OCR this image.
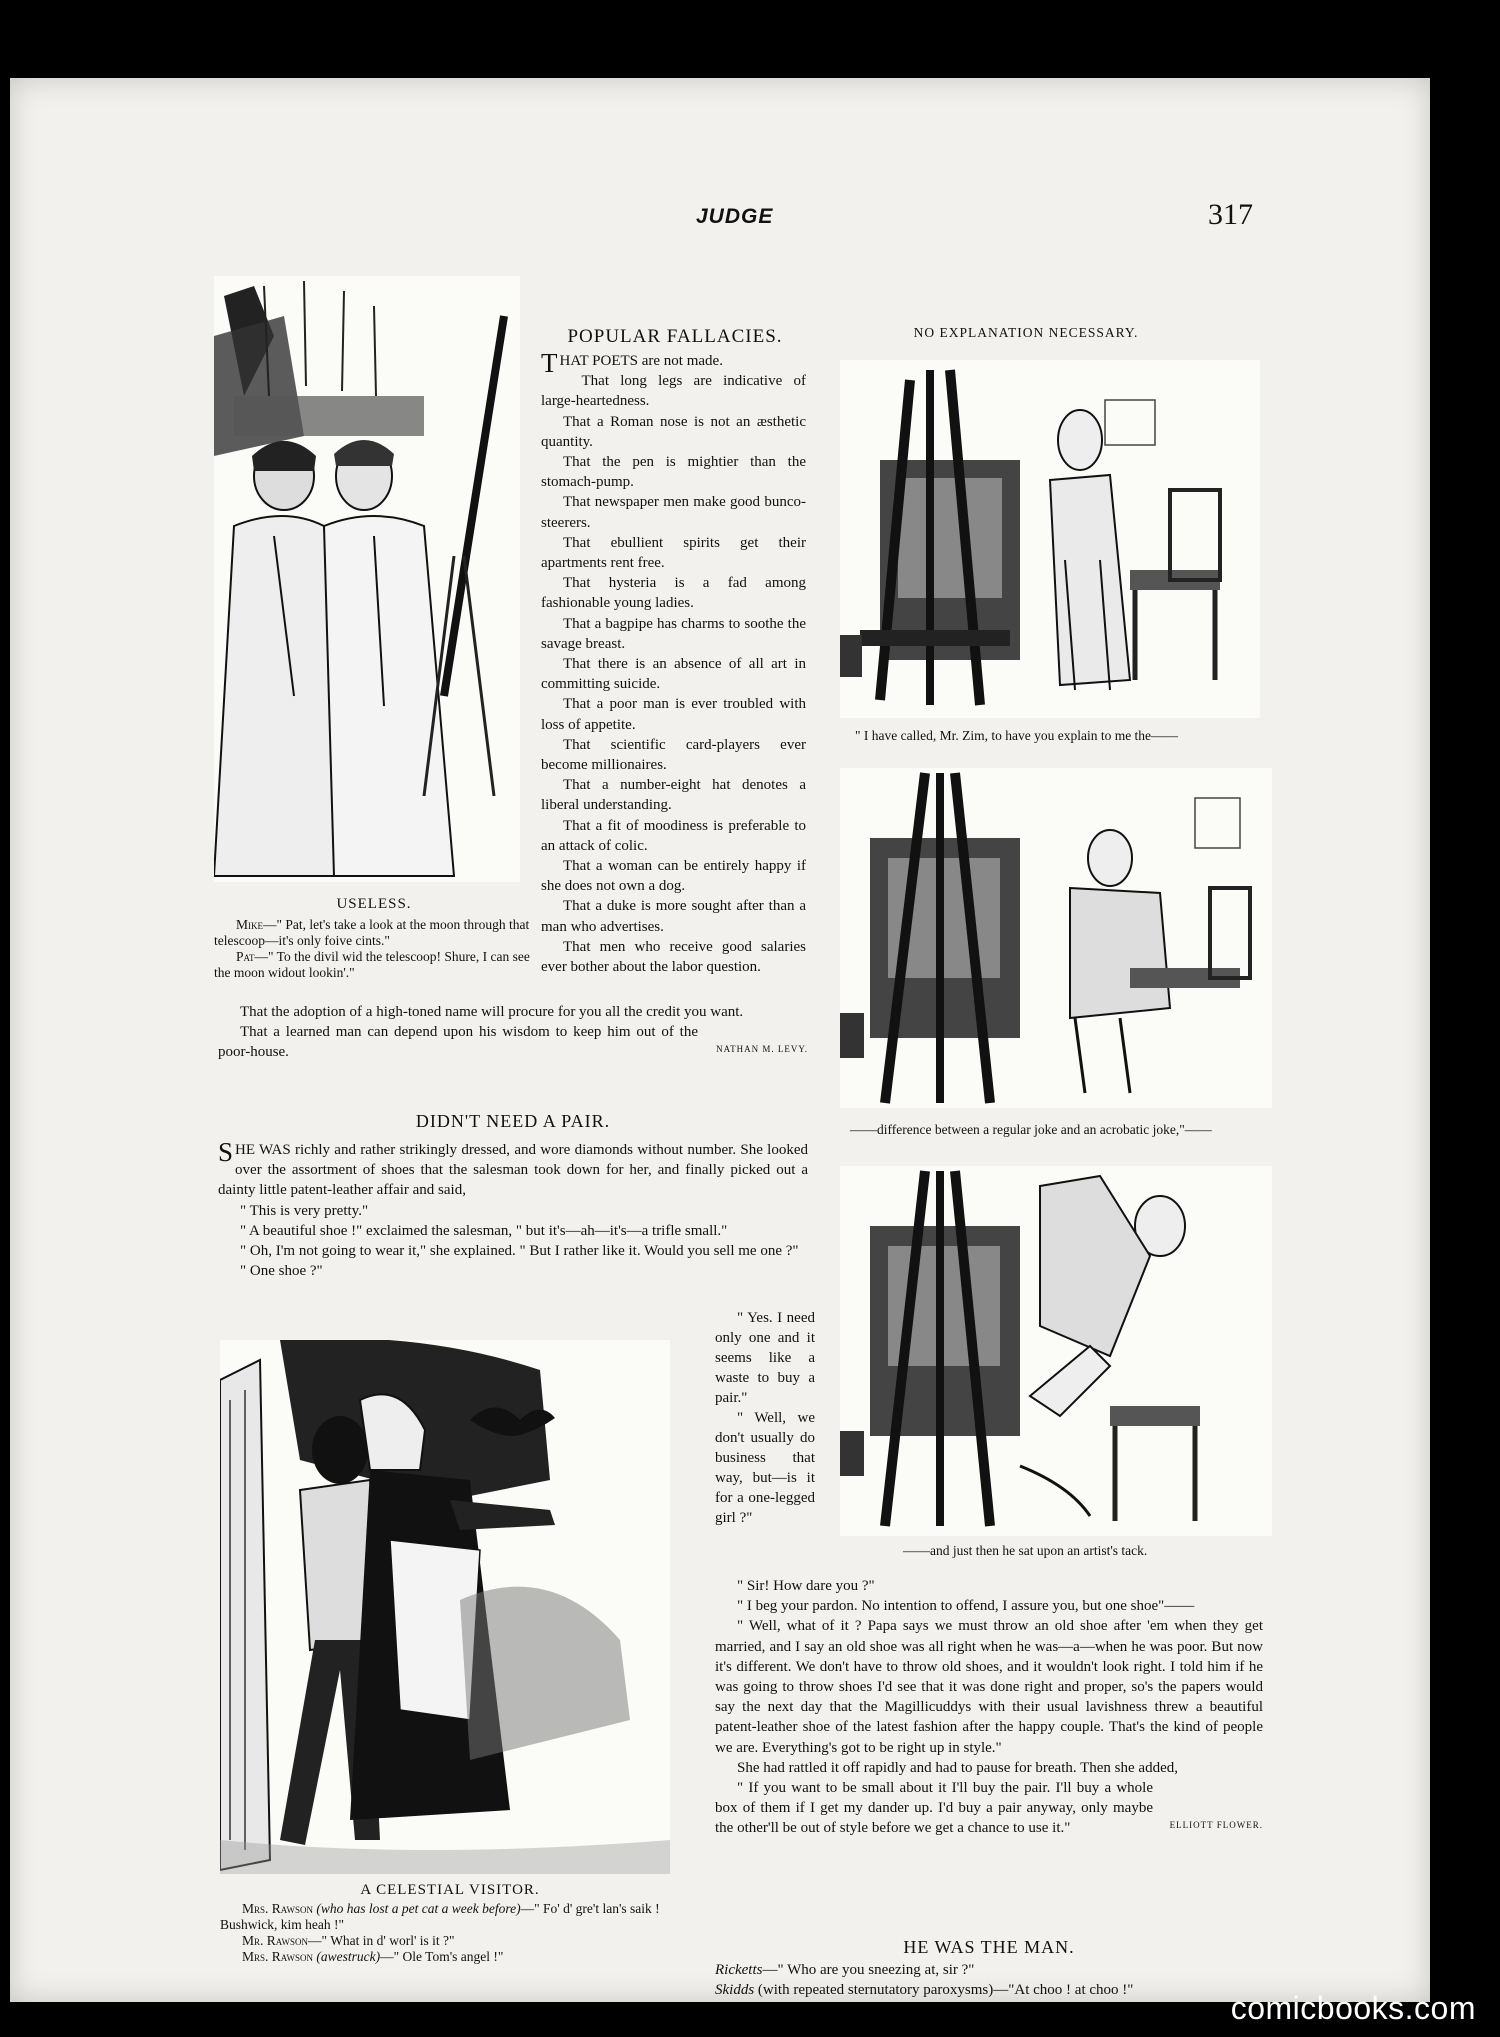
JUDGE	317
USELESS.

Mike—" Pat, let's take a look at the moon through that telescoop—it's only foive cints."

Pat—" To the divil wid the telescoop! Shure, I can see the moon widout lookin'."

POPULAR FALLACIES.

THAT POETS are not made.

That long legs are indicative of large-heartedness.

That a Roman nose is not an æsthetic quantity.

That the pen is mightier than the stomach-pump.

That newspaper men make good bunco-steerers.

That ebullient spirits get their apartments rent free.

That hysteria is a fad among fashionable young ladies.

That a bagpipe has charms to soothe the savage breast.

That there is an absence of all art in committing suicide.

That a poor man is ever troubled with loss of appetite.

That scientific card-players ever become millionaires.

That a number-eight hat denotes a liberal understanding.

That a fit of moodiness is preferable to an attack of colic.

That a woman can be entirely happy if she does not own a dog.

That a duke is more sought after than a man who advertises.

That men who receive good salaries ever bother about the labor question.

That the adoption of a high-toned name will procure for you all the credit you want.

That a learned man can depend upon his wisdom to keep him out of the poor-house.	NATHAN M. LEVY.
NO EXPLANATION NECESSARY.
" I have called, Mr. Zim, to have you explain to me the——
——difference between a regular joke and an acrobatic joke,"——
——and just then he sat upon an artist's tack.
DIDN'T NEED A PAIR.

SHE WAS richly and rather strikingly dressed, and wore diamonds without number. She looked over the assortment of shoes that the salesman took down for her, and finally picked out a dainty little patent-leather affair and said,

" This is very pretty."

" A beautiful shoe !" exclaimed the salesman, " but it's—ah—it's—a trifle small."

" Oh, I'm not going to wear it," she explained. " But I rather like it. Would you sell me one ?"

" One shoe ?"

A CELESTIAL VISITOR.

Mrs. Rawson (who has lost a pet cat a week before)—" Fo' d' gre't lan's saik ! Bushwick, kim heah !"

Mr. Rawson—" What in d' worl' is it ?"

Mrs. Rawson (awestruck)—" Ole Tom's angel !"

" Yes. I need only one and it seems like a waste to buy a pair."

" Well, we don't usually do business that way, but—is it for a one-legged girl ?"

" Sir! How dare you ?"

" I beg your pardon. No intention to offend, I assure you, but one shoe"——

" Well, what of it ? Papa says we must throw an old shoe after 'em when they get married, and I say an old shoe was all right when he was—a—when he was poor. But now it's different. We don't have to throw old shoes, and it wouldn't look right. I told him if he was going to throw shoes I'd see that it was done right and proper, so's the papers would say the next day that the Magillicuddys with their usual lavishness threw a beautiful patent-leather shoe of the latest fashion after the happy couple. That's the kind of people we are. Everything's got to be right up in style."

She had rattled it off rapidly and had to pause for breath. Then she added,

" If you want to be small about it I'll buy the pair. I'll buy a whole box of them if I get my dander up. I'd buy a pair anyway, only maybe the other'll be out of style before we get a chance to use it."	ELLIOTT FLOWER.
HE WAS THE MAN.
Ricketts—" Who are you sneezing at, sir ?"
Skidds (with repeated sternutatory paroxysms)—"At choo ! at choo !"	comicbooks.com
